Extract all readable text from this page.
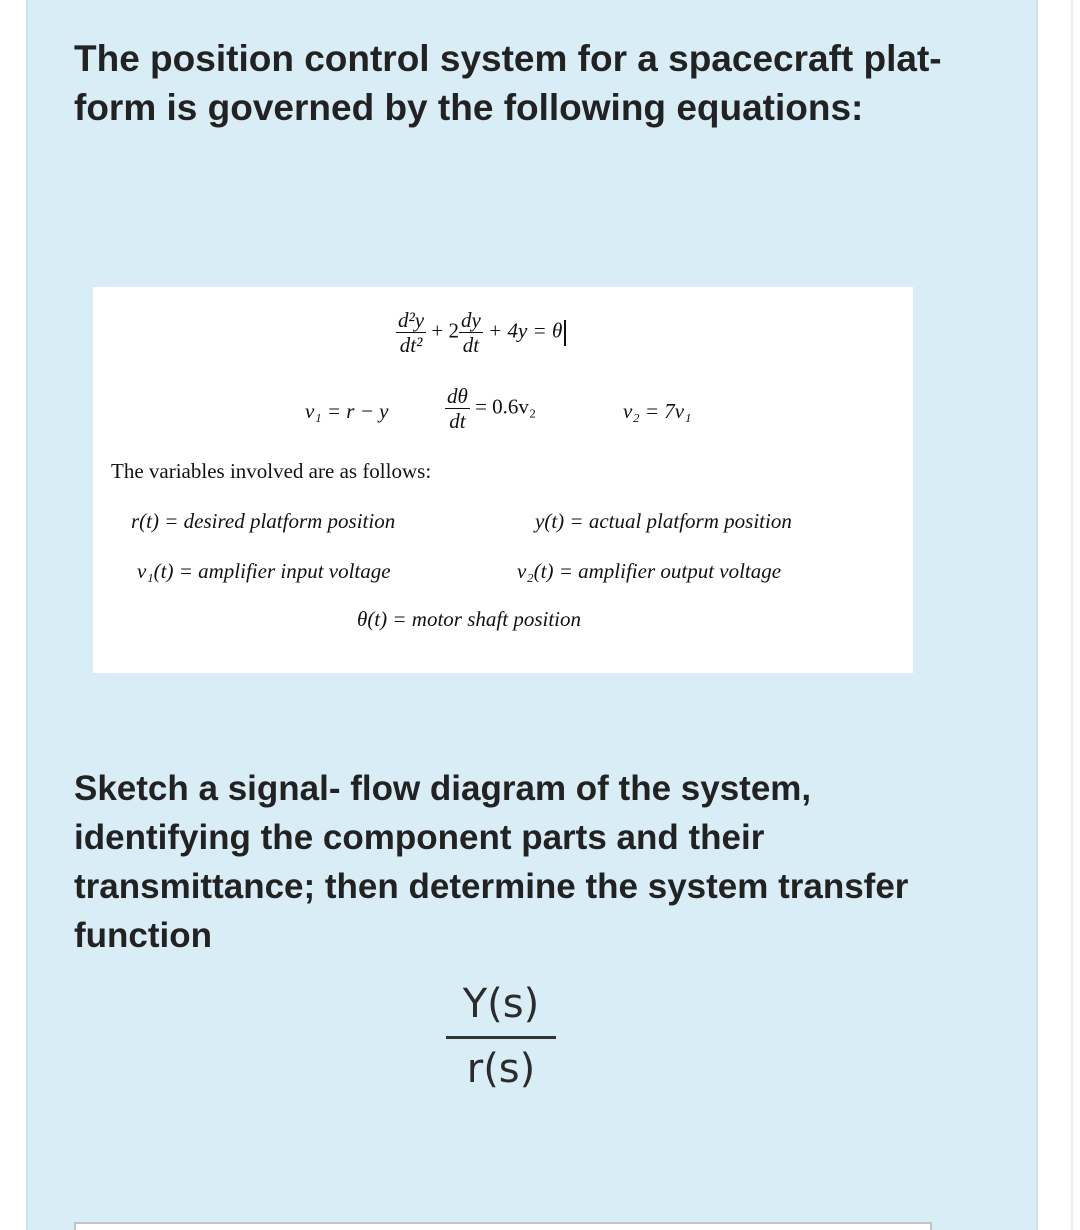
The position control system for a spacecraft plat- form is governed by the following equations:

$\frac{\text{d²y}}{\text{dt²}} + 2 \frac{dy}{dt} + 4y = \theta$
v₁ = r − y	$\frac{d\theta}{dt} = 0.6v_2$	v₂ = 7v₁
The variables involved are as follows:
r(t) = desired platform position	y(t) = actual platform position
v₁(t) = amplifier input voltage	v₂(t) = amplifier output voltage
θ(t) = motor shaft position

Sketch a signal- flow diagram of the system, identifying the component parts and their transmittance; then determine the system transfer function

Y(s)
r(s)
